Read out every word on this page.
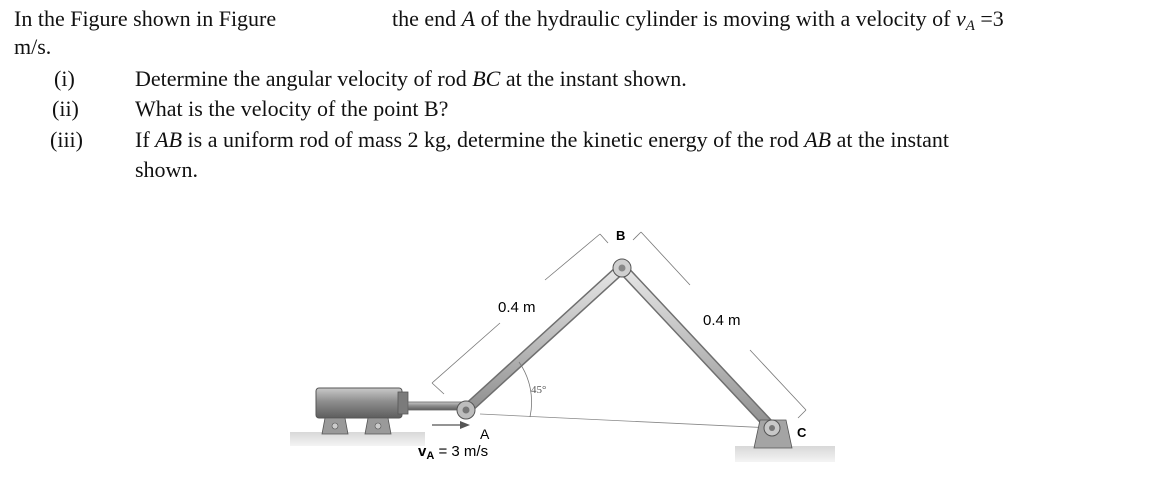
In the Figure shown in Figure	the end A of the hydraulic cylinder is moving with a velocity of $v_A =3$
m/s.
(i)	Determine the angular velocity of rod BC at the instant shown.
(ii)	What is the velocity of the point B?
(iii) If AB is a uniform rod of mass 2 kg, determine the kinetic energy of the rod AB at the instant
shown.
B
C
A
0.4 m
0.4 m
45°
$v_A = 3$ m/s
